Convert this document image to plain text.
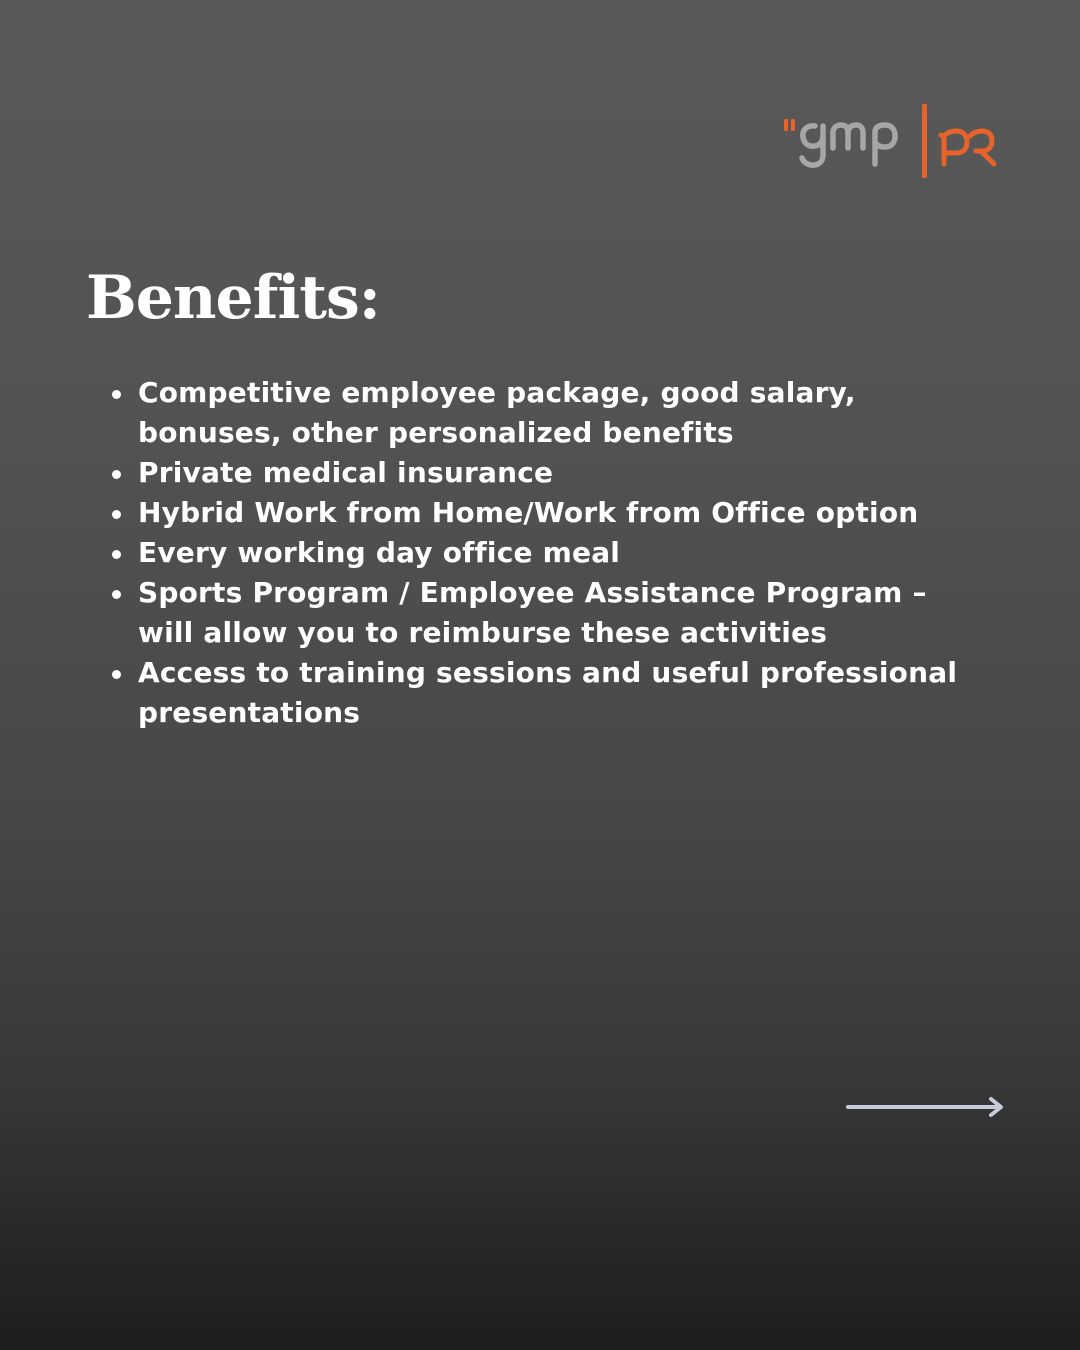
Benefits:
Competitive employee package, good salary, bonuses, other personalized benefits
Private medical insurance
Hybrid Work from Home/Work from Office option
Every working day office meal
Sports Program / Employee Assistance Program – will allow you to reimburse these activities
Access to training sessions and useful professional presentations
